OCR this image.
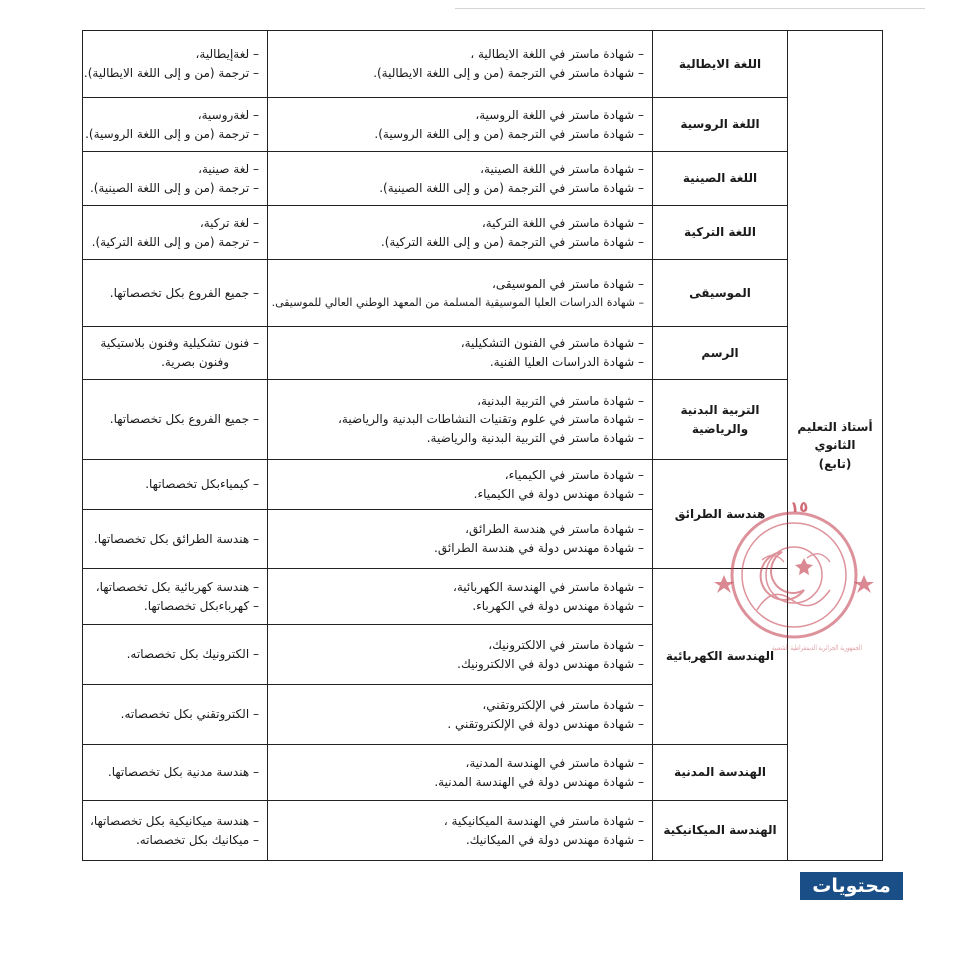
أستاذ التعليم
الثانوي
(تابع)	اللغة الايطالية	– شهادة ماستر في اللغة الايطالية ،
– شهادة ماستر في الترجمة (من و إلى اللغة الايطالية).	– لغةإيطالية،
– ترجمة (من و إلى اللغة الايطالية).

	اللغة الروسية	– شهادة ماستر في اللغة الروسية،
– شهادة ماستر في الترجمة (من و إلى اللغة الروسية).	– لغةروسية،
– ترجمة (من و إلى اللغة الروسية).

	اللغة الصينية	– شهادة ماستر في اللغة الصينية،
– شهادة ماستر في الترجمة (من و إلى اللغة الصينية).	– لغة صينية،
– ترجمة (من و إلى اللغة الصينية).

	اللغة التركية	– شهادة ماستر في اللغة التركية،
– شهادة ماستر في الترجمة (من و إلى اللغة التركية).	– لغة تركية،
– ترجمة (من و إلى اللغة التركية).

	الموسيقى	– شهادة ماستر في الموسيقى،
– شهادة الدراسات العليا الموسيقية المسلمة من المعهد الوطني العالي للموسيقى.	– جميع الفروع بكل تخصصاتها.

	الرسم	– شهادة ماستر في الفنون التشكيلية،
– شهادة الدراسات العليا الفنية.	– فنون تشكيلية وفنون بلاستيكية
وفنون بصرية.

	التربية البدنية والرياضية	– شهادة ماستر في التربية البدنية،
– شهادة ماستر في علوم وتقنيات النشاطات البدنية والرياضية،
– شهادة ماستر في التربية البدنية والرياضية.	– جميع الفروع بكل تخصصاتها.

	هندسة الطرائق	– شهادة ماستر في الكيمياء،
– شهادة مهندس دولة في الكيمياء.	– كيمياءبكل تخصصاتها.

		– شهادة ماستر في هندسة الطرائق،
– شهادة مهندس دولة في هندسة الطرائق.	– هندسة الطرائق بكل تخصصاتها.

	الهندسة الكهربائية	– شهادة ماستر في الهندسة الكهربائية،
– شهادة مهندس دولة في الكهرباء.	– هندسة كهربائية بكل تخصصاتها،
– كهرباءبكل تخصصاتها.

		– شهادة ماستر في الالكترونيك،
– شهادة مهندس دولة في الالكترونيك.	– الكترونيك بكل تخصصاته.

		– شهادة ماستر في الإلكتروتقني،
– شهادة مهندس دولة في الإلكتروتقني .	– الكتروتقني بكل تخصصاته.

	الهندسة المدنية	– شهادة ماستر في الهندسة المدنية،
– شهادة مهندس دولة في الهندسة المدنية.	– هندسة مدنية بكل تخصصاتها.

	الهندسة الميكانيكية	– شهادة ماستر في الهندسة الميكانيكية ،
– شهادة مهندس دولة في الميكانيك.	– هندسة ميكانيكية بكل تخصصاتها،
– ميكانيك بكل تخصصاته.
١٥
الجمهورية الجزائرية الديمقراطية الشعبية
محتويات
